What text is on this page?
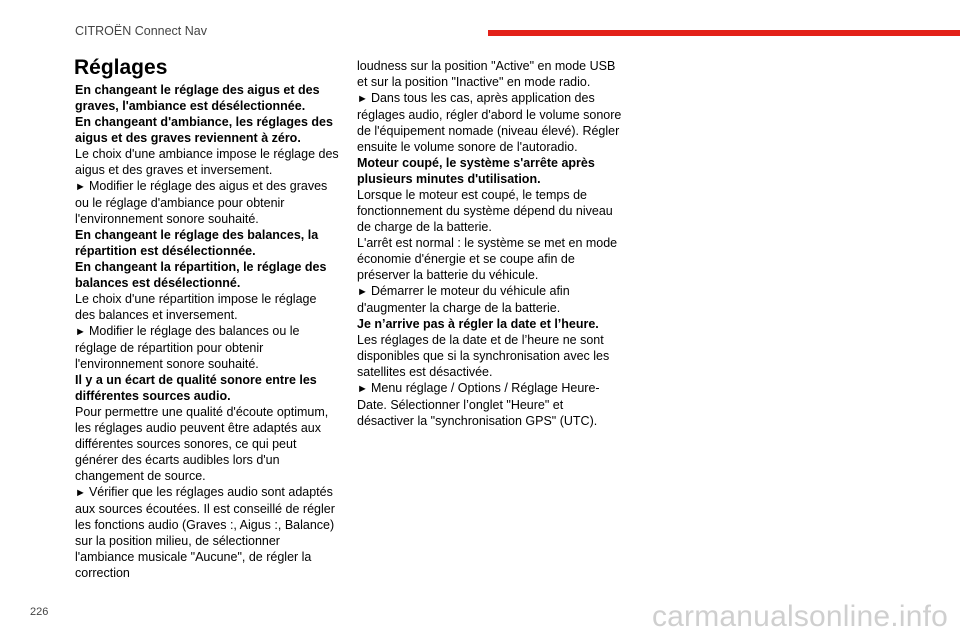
CITROËN Connect Nav
Réglages

En changeant le réglage des aigus et des graves, l'ambiance est désélectionnée.

En changeant d'ambiance, les réglages des aigus et des graves reviennent à zéro.

Le choix d'une ambiance impose le réglage des aigus et des graves et inversement.

► Modifier le réglage des aigus et des graves ou le réglage d'ambiance pour obtenir l'environnement sonore souhaité.

En changeant le réglage des balances, la répartition est désélectionnée.

En changeant la répartition, le réglage des balances est désélectionné.

Le choix d'une répartition impose le réglage des balances et inversement.

► Modifier le réglage des balances ou le réglage de répartition pour obtenir l'environnement sonore souhaité.

Il y a un écart de qualité sonore entre les différentes sources audio.

Pour permettre une qualité d'écoute optimum, les réglages audio peuvent être adaptés aux différentes sources sonores, ce qui peut générer des écarts audibles lors d'un changement de source.

► Vérifier que les réglages audio sont adaptés aux sources écoutées. Il est conseillé de régler les fonctions audio (Graves :, Aigus :, Balance) sur la position milieu, de sélectionner l'ambiance musicale "Aucune", de régler la correction

loudness sur la position "Active" en mode USB et sur la position "Inactive" en mode radio.

► Dans tous les cas, après application des réglages audio, régler d'abord le volume sonore de l'équipement nomade (niveau élevé). Régler ensuite le volume sonore de l'autoradio.

Moteur coupé, le système s'arrête après plusieurs minutes d'utilisation.

Lorsque le moteur est coupé, le temps de fonctionnement du système dépend du niveau de charge de la batterie.

L'arrêt est normal : le système se met en mode économie d'énergie et se coupe afin de préserver la batterie du véhicule.

► Démarrer le moteur du véhicule afin d'augmenter la charge de la batterie.

Je n’arrive pas à régler la date et l’heure.

Les réglages de la date et de l’heure ne sont disponibles que si la synchronisation avec les satellites est désactivée.

► Menu réglage / Options / Réglage Heure-Date. Sélectionner l’onglet "Heure" et désactiver la "synchronisation GPS" (UTC).

226	carmanualsonline.info
